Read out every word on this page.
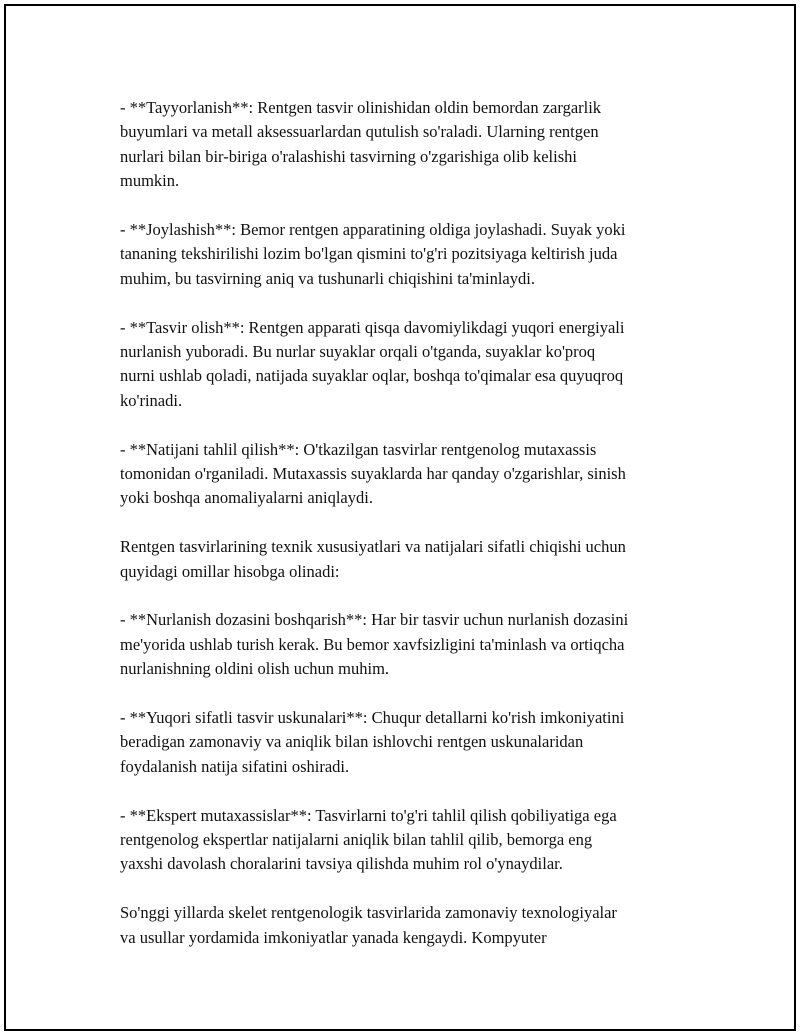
- **Tayyorlanish**: Rentgen tasvir olinishidan oldin bemordan zargarlik
buyumlari va metall aksessuarlardan qutulish so'raladi. Ularning rentgen
nurlari bilan bir-biriga o'ralashishi tasvirning o'zgarishiga olib kelishi
mumkin.

- **Joylashish**: Bemor rentgen apparatining oldiga joylashadi. Suyak yoki
tananing tekshirilishi lozim bo'lgan qismini to'g'ri pozitsiyaga keltirish juda
muhim, bu tasvirning aniq va tushunarli chiqishini ta'minlaydi.

- **Tasvir olish**: Rentgen apparati qisqa davomiylikdagi yuqori energiyali
nurlanish yuboradi. Bu nurlar suyaklar orqali o'tganda, suyaklar ko'proq
nurni ushlab qoladi, natijada suyaklar oqlar, boshqa to'qimalar esa quyuqroq
ko'rinadi.

- **Natijani tahlil qilish**: O'tkazilgan tasvirlar rentgenolog mutaxassis
tomonidan o'rganiladi. Mutaxassis suyaklarda har qanday o'zgarishlar, sinish
yoki boshqa anomaliyalarni aniqlaydi.

Rentgen tasvirlarining texnik xususiyatlari va natijalari sifatli chiqishi uchun
quyidagi omillar hisobga olinadi:

- **Nurlanish dozasini boshqarish**: Har bir tasvir uchun nurlanish dozasini
me'yorida ushlab turish kerak. Bu bemor xavfsizligini ta'minlash va ortiqcha
nurlanishning oldini olish uchun muhim.

- **Yuqori sifatli tasvir uskunalari**: Chuqur detallarni ko'rish imkoniyatini
beradigan zamonaviy va aniqlik bilan ishlovchi rentgen uskunalaridan
foydalanish natija sifatini oshiradi.

- **Ekspert mutaxassislar**: Tasvirlarni to'g'ri tahlil qilish qobiliyatiga ega
rentgenolog ekspertlar natijalarni aniqlik bilan tahlil qilib, bemorga eng
yaxshi davolash choralarini tavsiya qilishda muhim rol o'ynaydilar.

So'nggi yillarda skelet rentgenologik tasvirlarida zamonaviy texnologiyalar
va usullar yordamida imkoniyatlar yanada kengaydi. Kompyuter
